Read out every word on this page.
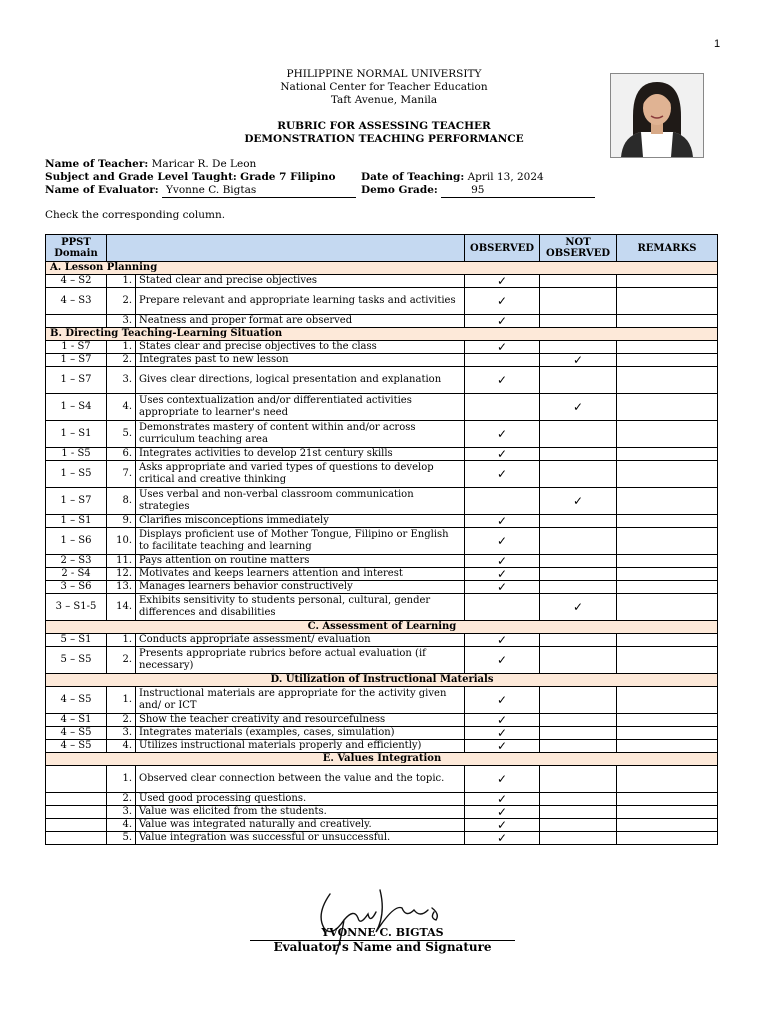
1
PHILIPPINE NORMAL UNIVERSITY
National Center for Teacher Education
Taft Avenue, Manila
RUBRIC FOR ASSESSING TEACHER
DEMONSTRATION TEACHING PERFORMANCE
Name of Teacher: Maricar R. De Leon
Subject and Grade Level Taught: Grade 7 Filipino Date of Teaching: April 13, 2024
Name of Evaluator: Yvonne C. Bigtas	Demo Grade:	95
Check the corresponding column.
PPST Domain			OBSERVED	NOT OBSERVED	REMARKS
A. Lesson Planning					
4 – S2	1.	Stated clear and precise objectives	✓		
4 – S3	2.	Prepare relevant and appropriate learning tasks and activities	✓		
	3.	Neatness and proper format are observed	✓		
B. Directing Teaching-Learning Situation					
1 - S7	1.	States clear and precise objectives to the class	✓		
1 – S7	2.	Integrates past to new lesson		✓	
1 – S7	3.	Gives clear directions, logical presentation and explanation	✓		
1 – S4	4.	Uses contextualization and/or differentiated activities appropriate to learner's need		✓	
1 – S1	5.	Demonstrates mastery of content within and/or across curriculum teaching area	✓		
1 - S5	6.	Integrates activities to develop 21st century skills	✓		
1 – S5	7.	Asks appropriate and varied types of questions to develop critical and creative thinking	✓		
1 – S7	8.	Uses verbal and non-verbal classroom communication strategies		✓	
1 – S1	9.	Clarifies misconceptions immediately	✓		
1 – S6	10.	Displays proficient use of Mother Tongue, Filipino or English to facilitate teaching and learning	✓		
2 – S3	11.	Pays attention on routine matters	✓		
2 - S4	12.	Motivates and keeps learners attention and interest	✓		
3 – S6	13.	Manages learners behavior constructively	✓		
3 – S1-5	14.	Exhibits sensitivity to students personal, cultural, gender differences and disabilities		✓	
C. Assessment of Learning					
5 – S1	1.	Conducts appropriate assessment/ evaluation	✓		
5 – S5	2.	Presents appropriate rubrics before actual evaluation (if necessary)	✓		
D. Utilization of Instructional Materials					
4 – S5	1.	Instructional materials are appropriate for the activity given and/ or ICT	✓		
4 – S1	2.	Show the teacher creativity and resourcefulness	✓		
4 – S5	3.	Integrates materials (examples, cases, simulation)	✓		
4 – S5	4.	Utilizes instructional materials properly and efficiently)	✓		
E. Values Integration					
	1.	Observed clear connection between the value and the topic.	✓		
	2.	Used good processing questions.	✓		
	3.	Value was elicited from the students.	✓		
	4.	Value was integrated naturally and creatively.	✓		
	5.	Value integration was successful or unsuccessful.	✓		
YVONNE C. BIGTAS
Evaluator's Name and Signature
